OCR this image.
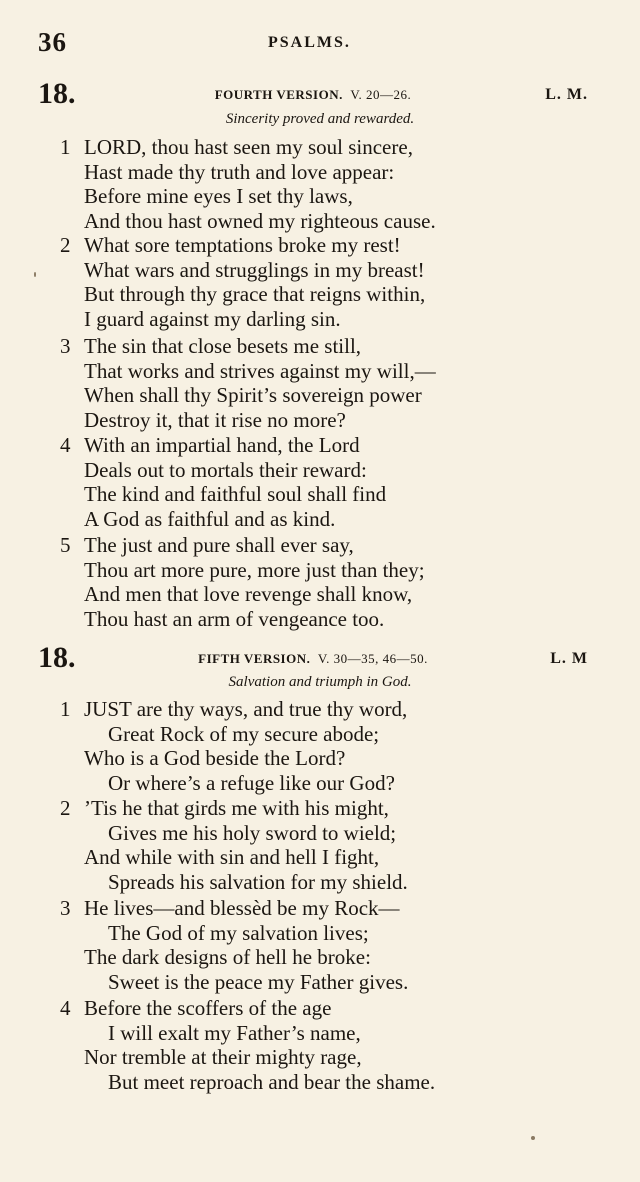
36	PSALMS.
18.	FOURTH VERSION. V. 20—26.	L. M.
Sincerity proved and rewarded.
1 LORD, thou hast seen my soul sincere,
Hast made thy truth and love appear:
Before mine eyes I set thy laws,
And thou hast owned my righteous cause.
2 What sore temptations broke my rest!
What wars and strugglings in my breast!
But through thy grace that reigns within,
I guard against my darling sin.
3 The sin that close besets me still,
That works and strives against my will,—
When shall thy Spirit’s sovereign power
Destroy it, that it rise no more?
4 With an impartial hand, the Lord
Deals out to mortals their reward:
The kind and faithful soul shall find
A God as faithful and as kind.
5 The just and pure shall ever say,
Thou art more pure, more just than they;
And men that love revenge shall know,
Thou hast an arm of vengeance too.
18.	FIFTH VERSION. V. 30—35, 46—50.	L. M
Salvation and triumph in God.
1 JUST are thy ways, and true thy word,
Great Rock of my secure abode;
Who is a God beside the Lord?
Or where’s a refuge like our God?
2 ’Tis he that girds me with his might,
Gives me his holy sword to wield;
And while with sin and hell I fight,
Spreads his salvation for my shield.
3 He lives—and blessèd be my Rock—
The God of my salvation lives;
The dark designs of hell he broke:
Sweet is the peace my Father gives.
4 Before the scoffers of the age
I will exalt my Father’s name,
Nor tremble at their mighty rage,
But meet reproach and bear the shame.
